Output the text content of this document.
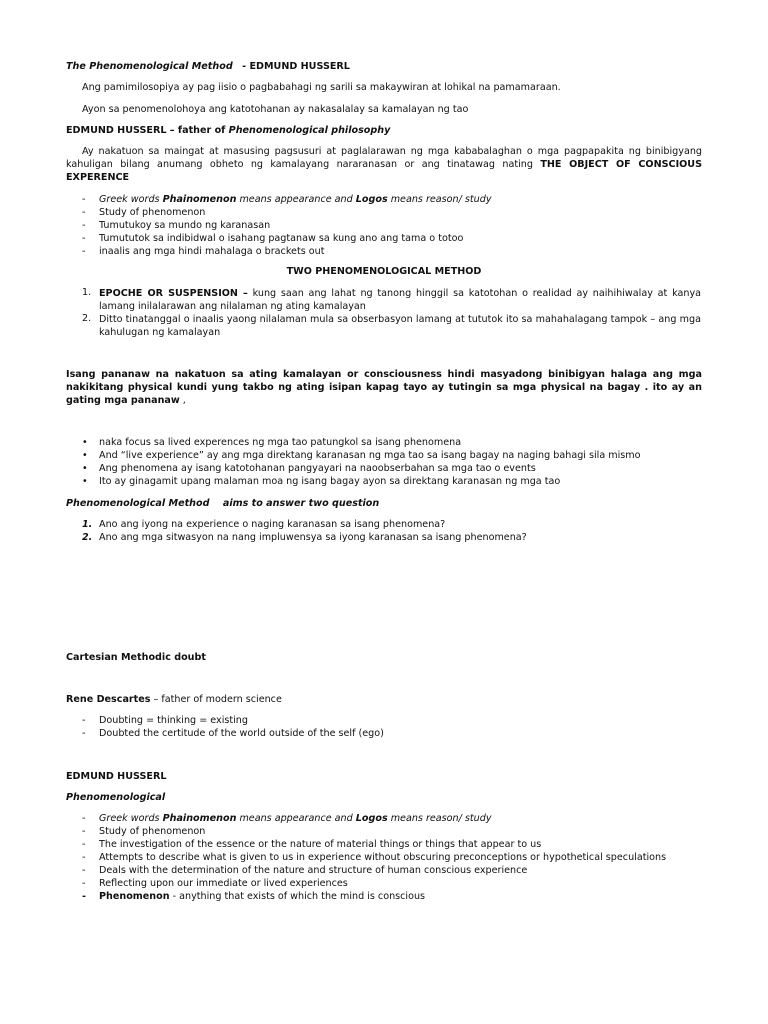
The Phenomenological Method   - EDMUND HUSSERL
Ang pamimilosopiya ay pag iisio o pagbabahagi ng sarili sa makaywiran at lohikal na pamamaraan.
Ayon sa penomenolohoya ang katotohanan ay nakasalalay sa kamalayan ng tao
EDMUND HUSSERL – father of Phenomenological philosophy
Ay nakatuon sa maingat at masusing pagsusuri at paglalarawan ng mga kababalaghan o mga pagpapakita ng binibigyang kahuligan bilang anumang obheto ng kamalayang nararanasan or ang tinatawag nating THE OBJECT OF CONSCIOUS EXPERENCE
- Greek words Phainomenon means appearance and Logos means reason/ study
- Study of phenomenon
- Tumutukoy sa mundo ng karanasan
- Tumututok sa indibidwal o isahang pagtanaw sa kung ano ang tama o totoo
- inaalis ang mga hindi mahalaga o brackets out
TWO PHENOMENOLOGICAL METHOD
1. EPOCHE OR SUSPENSION – kung saan ang lahat ng tanong hinggil sa katotohan o realidad ay naihihiwalay at kanya lamang inilalarawan ang nilalaman ng ating kamalayan
2. Ditto tinatanggal o inaalis yaong nilalaman mula sa obserbasyon lamang at tututok ito sa mahahalagang tampok – ang mga kahulugan ng kamalayan
Isang pananaw na nakatuon sa ating kamalayan or consciousness hindi masyadong binibigyan halaga ang mga nakikitang physical kundi yung takbo ng ating isipan kapag tayo ay tutingin sa mga physical na bagay . ito ay an gating mga pananaw ,
• naka focus sa lived experences ng mga tao patungkol sa isang phenomena
• And “live experience” ay ang mga direktang karanasan ng mga tao sa isang bagay na naging bahagi sila mismo
• Ang phenomena ay isang katotohanan pangyayari na naoobserbahan sa mga tao o events
• Ito ay ginagamit upang malaman moa ng isang bagay ayon sa direktang karanasan ng mga tao
Phenomenological Method aims to answer two question
1. Ano ang iyong na experience o naging karanasan sa isang phenomena?
2. Ano ang mga sitwasyon na nang impluwensya sa iyong karanasan sa isang phenomena?
Cartesian Methodic doubt
Rene Descartes – father of modern science
- Doubting = thinking = existing
- Doubted the certitude of the world outside of the self (ego)
EDMUND HUSSERL
Phenomenological
- Greek words Phainomenon means appearance and Logos means reason/ study
- Study of phenomenon
- The investigation of the essence or the nature of material things or things that appear to us
- Attempts to describe what is given to us in experience without obscuring preconceptions or hypothetical speculations
- Deals with the determination of the nature and structure of human conscious experience
- Reflecting upon our immediate or lived experiences
- Phenomenon - anything that exists of which the mind is conscious
